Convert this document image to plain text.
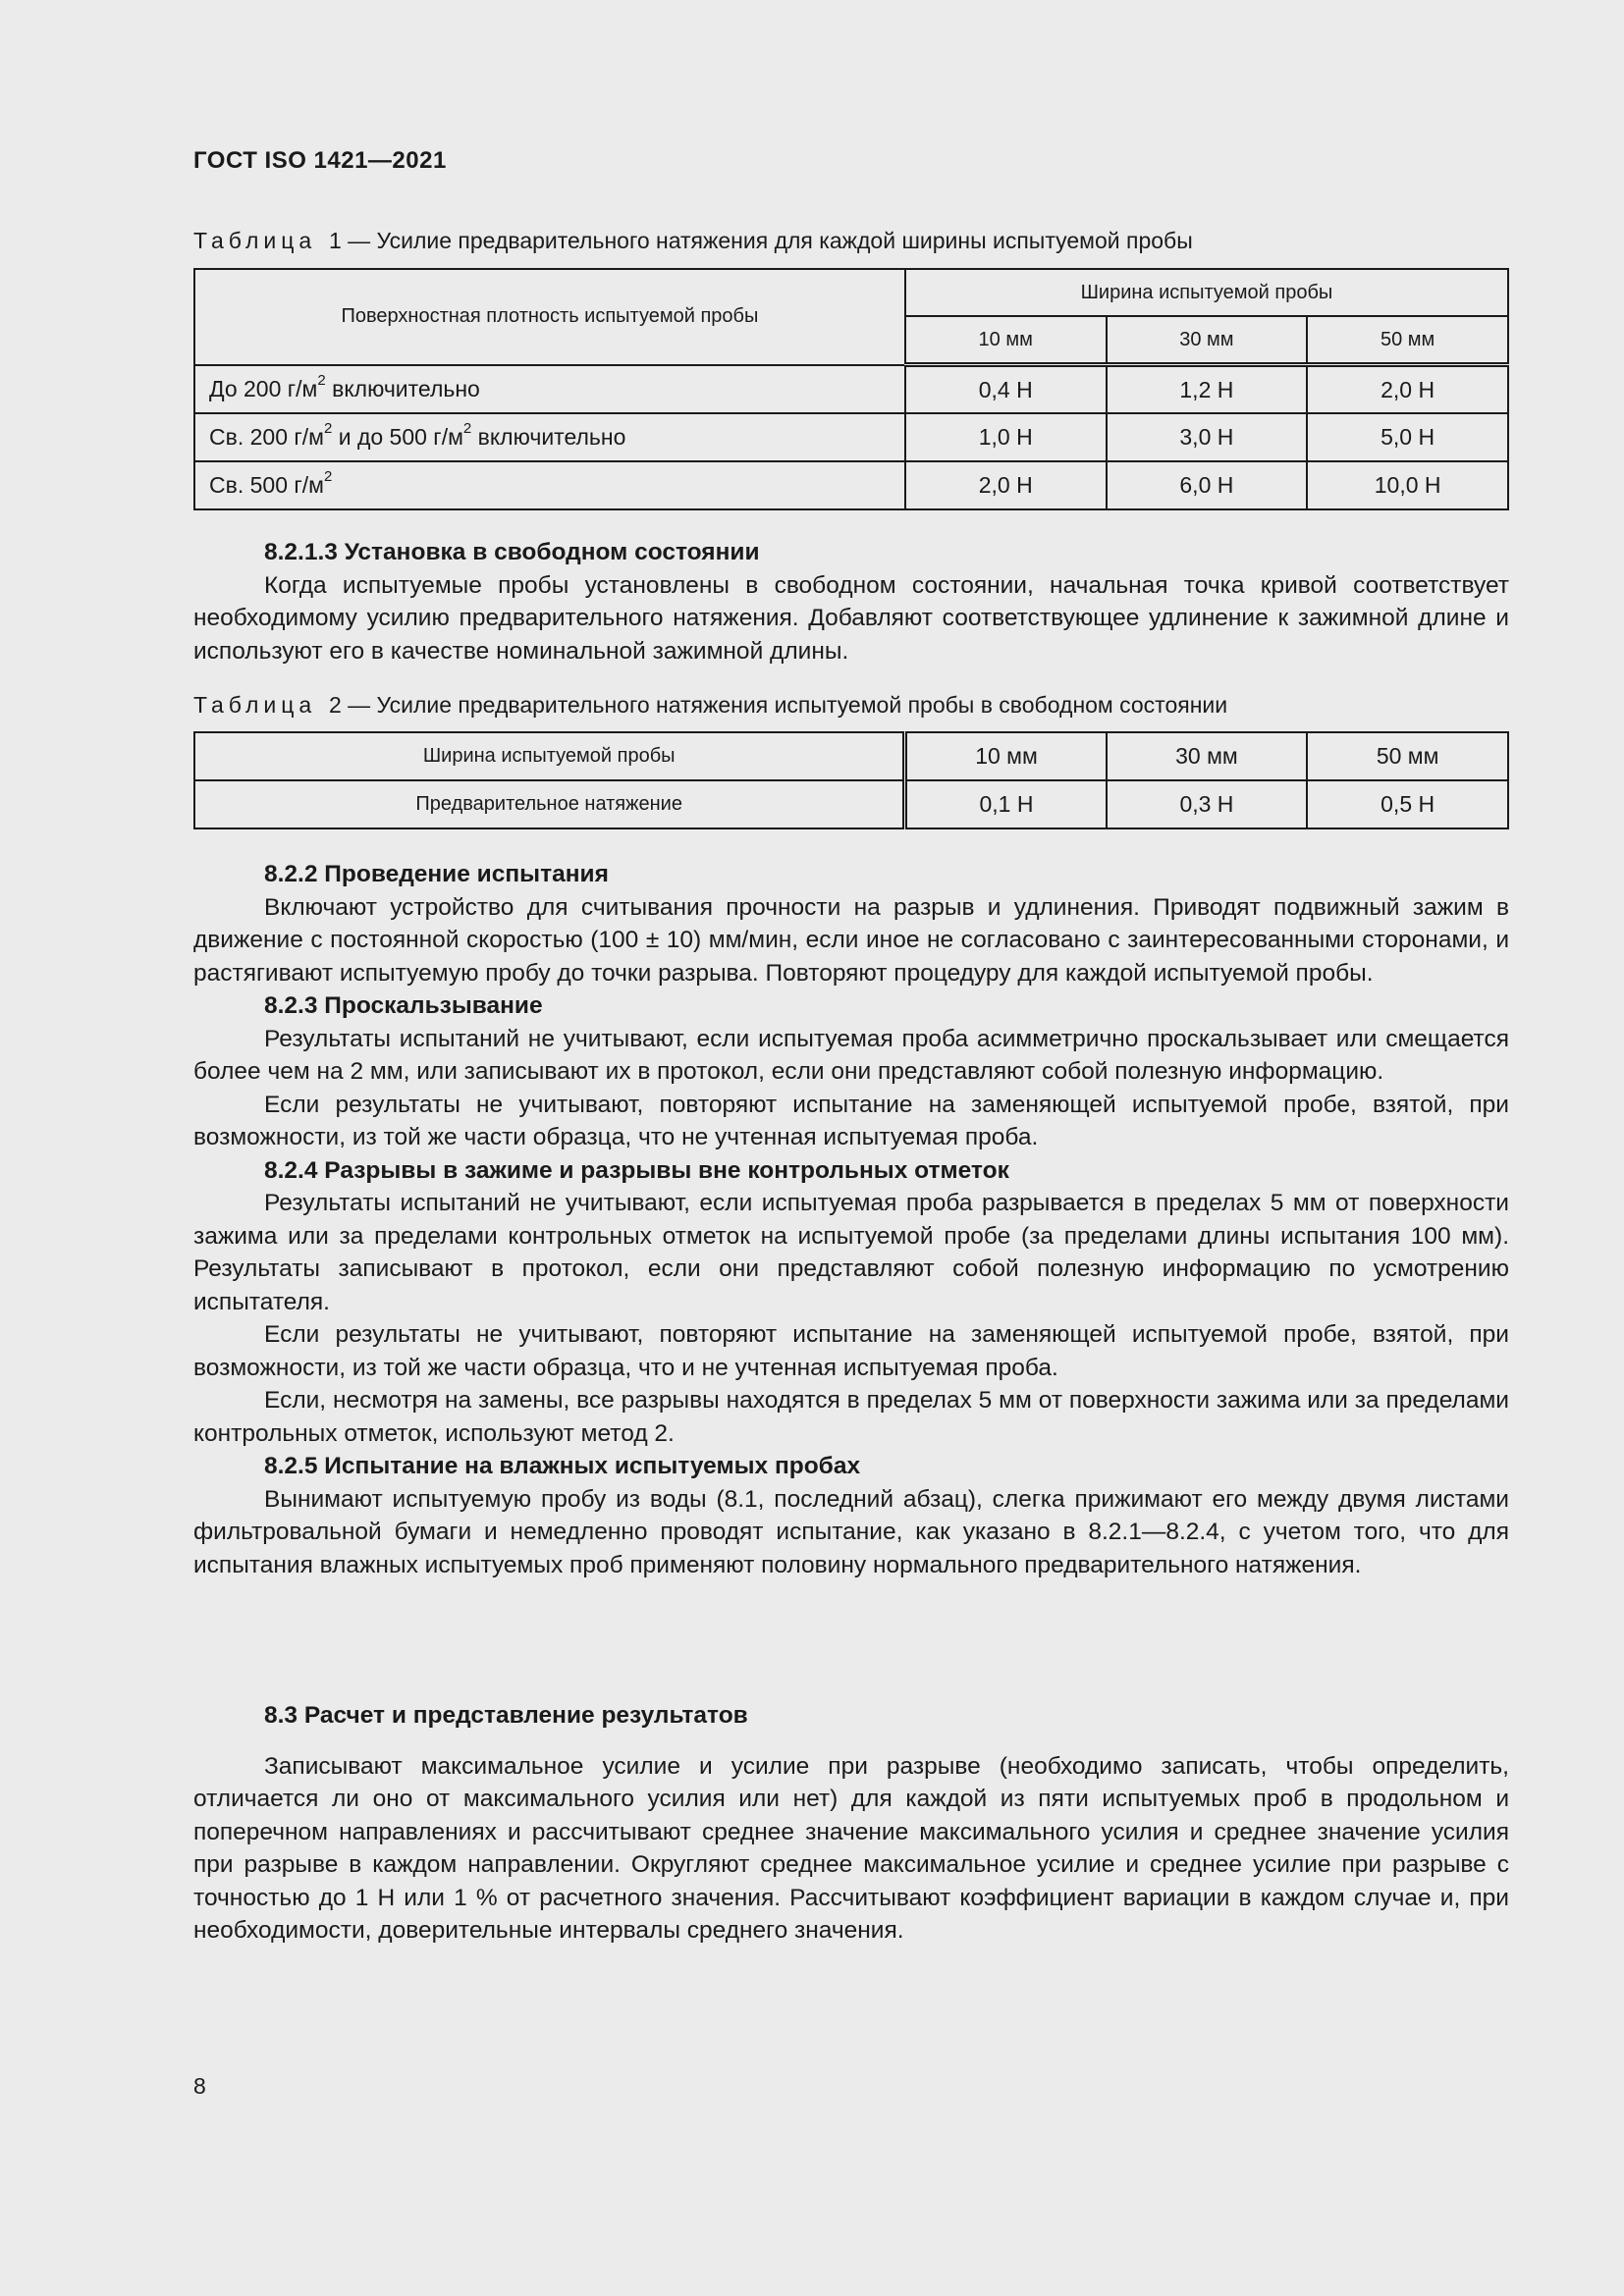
ГОСТ ISO 1421—2021
Таблица 1 — Усилие предварительного натяжения для каждой ширины испытуемой пробы
Поверхностная плотность испытуемой пробы	Ширина испытуемой пробы		
	10 мм	30 мм	50 мм
До 200 $г/м^2$ включительно	0,4 Н	1,2 Н	2,0 Н
Св. 200 $г/м^2$ и до 500 $г/м^2$ включительно	1,0 Н	3,0 Н	5,0 Н
Св. 500 $г/м^2$	2,0 Н	6,0 Н	10,0 Н
8.2.1.3 Установка в свободном состоянии

Когда испытуемые пробы установлены в свободном состоянии, начальная точка кривой соответствует необходимому усилию предварительного натяжения. Добавляют соответствующее удлинение к зажимной длине и используют его в качестве номинальной зажимной длины.

Таблица 2 — Усилие предварительного натяжения испытуемой пробы в свободном состоянии
Ширина испытуемой пробы	10 мм	30 мм	50 мм
Предварительное натяжение	0,1 Н	0,3 Н	0,5 Н
8.2.2 Проведение испытания

Включают устройство для считывания прочности на разрыв и удлинения. Приводят подвижный зажим в движение с постоянной скоростью (100 ± 10) мм/мин, если иное не согласовано с заинтересованными сторонами, и растягивают испытуемую пробу до точки разрыва. Повторяют процедуру для каждой испытуемой пробы.

8.2.3 Проскальзывание

Результаты испытаний не учитывают, если испытуемая проба асимметрично проскальзывает или смещается более чем на 2 мм, или записывают их в протокол, если они представляют собой полезную информацию.

Если результаты не учитывают, повторяют испытание на заменяющей испытуемой пробе, взятой, при возможности, из той же части образца, что не учтенная испытуемая проба.

8.2.4 Разрывы в зажиме и разрывы вне контрольных отметок

Результаты испытаний не учитывают, если испытуемая проба разрывается в пределах 5 мм от поверхности зажима или за пределами контрольных отметок на испытуемой пробе (за пределами длины испытания 100 мм). Результаты записывают в протокол, если они представляют собой полезную информацию по усмотрению испытателя.

Если результаты не учитывают, повторяют испытание на заменяющей испытуемой пробе, взятой, при возможности, из той же части образца, что и не учтенная испытуемая проба.

Если, несмотря на замены, все разрывы находятся в пределах 5 мм от поверхности зажима или за пределами контрольных отметок, используют метод 2.

8.2.5 Испытание на влажных испытуемых пробах

Вынимают испытуемую пробу из воды (8.1, последний абзац), слегка прижимают его между двумя листами фильтровальной бумаги и немедленно проводят испытание, как указано в 8.2.1—8.2.4, с учетом того, что для испытания влажных испытуемых проб применяют половину нормального предварительного натяжения.

8.3 Расчет и представление результатов

Записывают максимальное усилие и усилие при разрыве (необходимо записать, чтобы определить, отличается ли оно от максимального усилия или нет) для каждой из пяти испытуемых проб в продольном и поперечном направлениях и рассчитывают среднее значение максимального усилия и среднее значение усилия при разрыве в каждом направлении. Округляют среднее максимальное усилие и среднее усилие при разрыве с точностью до 1 Н или 1 % от расчетного значения. Рассчитывают коэффициент вариации в каждом случае и, при необходимости, доверительные интервалы среднего значения.

8
